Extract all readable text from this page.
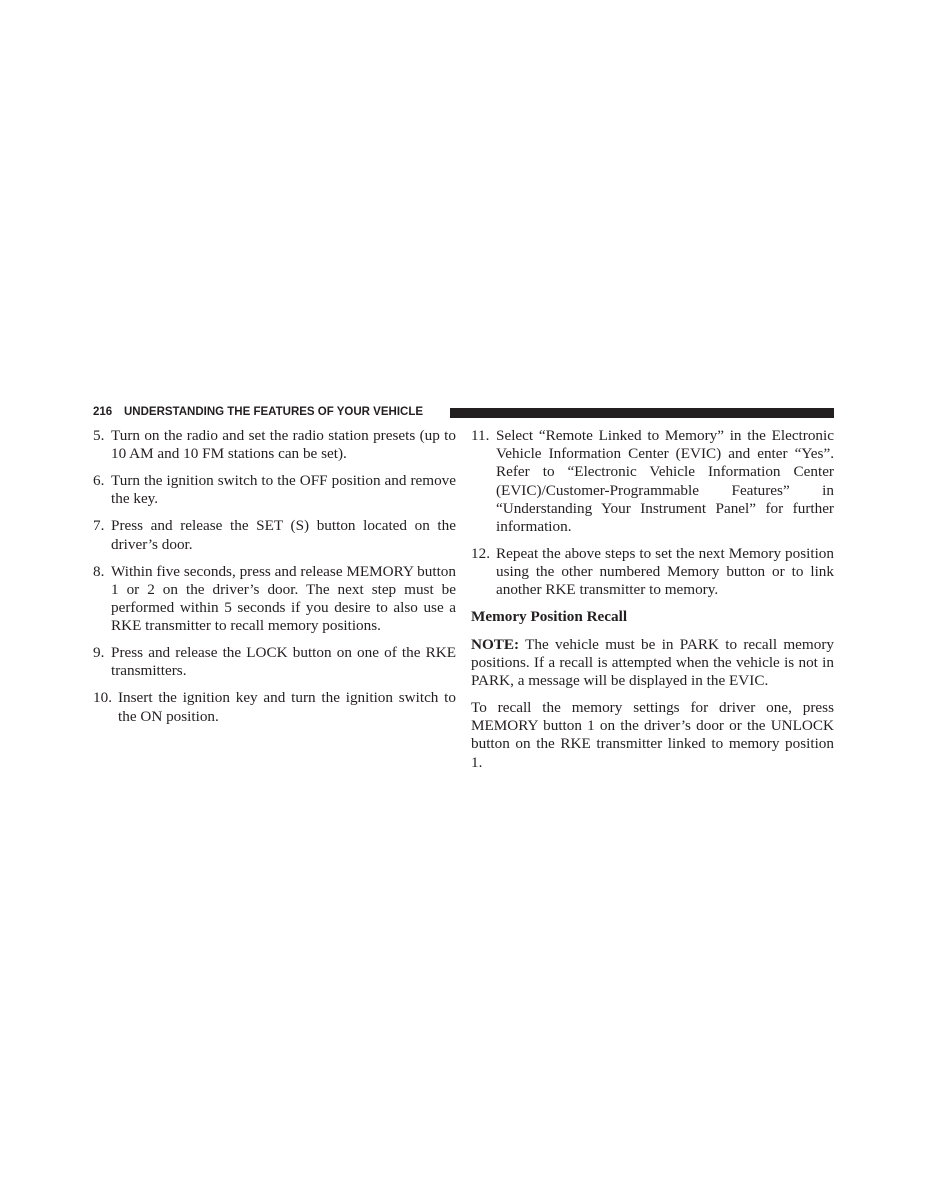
216 UNDERSTANDING THE FEATURES OF YOUR VEHICLE
5. Turn on the radio and set the radio station presets (up to 10 AM and 10 FM stations can be set).
6. Turn the ignition switch to the OFF position and remove the key.
7. Press and release the SET (S) button located on the driver’s door.
8. Within five seconds, press and release MEMORY button 1 or 2 on the driver’s door. The next step must be performed within 5 seconds if you desire to also use a RKE transmitter to recall memory positions.
9. Press and release the LOCK button on one of the RKE transmitters.
10. Insert the ignition key and turn the ignition switch to the ON position.
11. Select “Remote Linked to Memory” in the Electronic Vehicle Information Center (EVIC) and enter “Yes”. Refer to “Electronic Vehicle Information Center (EVIC)/Customer-Programmable Features” in “Understanding Your Instrument Panel” for further information.
12. Repeat the above steps to set the next Memory position using the other numbered Memory button or to link another RKE transmitter to memory.
Memory Position Recall

NOTE: The vehicle must be in PARK to recall memory positions. If a recall is attempted when the vehicle is not in PARK, a message will be displayed in the EVIC.

To recall the memory settings for driver one, press MEMORY button 1 on the driver’s door or the UNLOCK button on the RKE transmitter linked to memory position 1.
